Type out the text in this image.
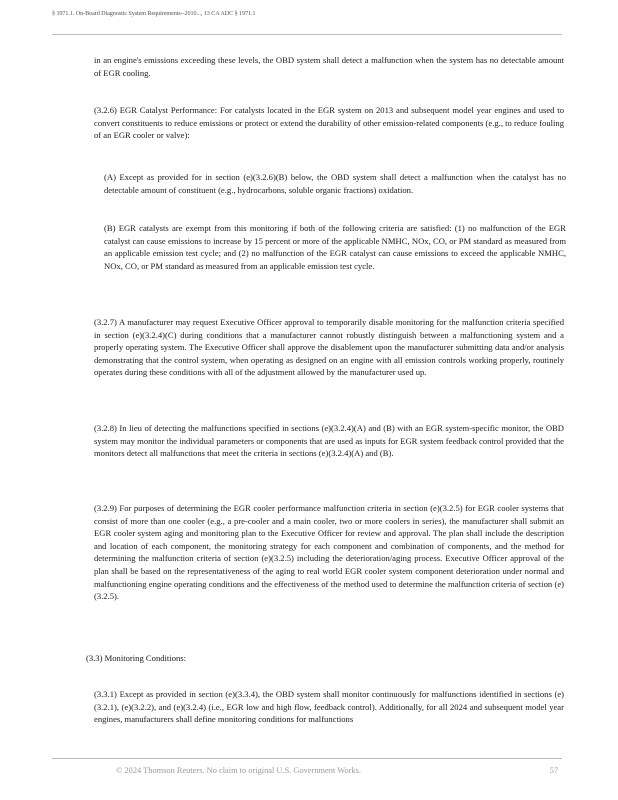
§ 1971.1. On-Board Diagnostic System Requirements--2010..., 13 CA ADC § 1971.1

in an engine's emissions exceeding these levels, the OBD system shall detect a malfunction when the system has no detectable amount of EGR cooling.

(3.2.6) EGR Catalyst Performance: For catalysts located in the EGR system on 2013 and subsequent model year engines and used to convert constituents to reduce emissions or protect or extend the durability of other emission-related components (e.g., to reduce fouling of an EGR cooler or valve):

(A) Except as provided for in section (e)(3.2.6)(B) below, the OBD system shall detect a malfunction when the catalyst has no detectable amount of constituent (e.g., hydrocarbons, soluble organic fractions) oxidation.

(B) EGR catalysts are exempt from this monitoring if both of the following criteria are satisfied: (1) no malfunction of the EGR catalyst can cause emissions to increase by 15 percent or more of the applicable NMHC, NOx, CO, or PM standard as measured from an applicable emission test cycle; and (2) no malfunction of the EGR catalyst can cause emissions to exceed the applicable NMHC, NOx, CO, or PM standard as measured from an applicable emission test cycle.

(3.2.7) A manufacturer may request Executive Officer approval to temporarily disable monitoring for the malfunction criteria specified in section (e)(3.2.4)(C) during conditions that a manufacturer cannot robustly distinguish between a malfunctioning system and a properly operating system. The Executive Officer shall approve the disablement upon the manufacturer submitting data and/or analysis demonstrating that the control system, when operating as designed on an engine with all emission controls working properly, routinely operates during these conditions with all of the adjustment allowed by the manufacturer used up.

(3.2.8) In lieu of detecting the malfunctions specified in sections (e)(3.2.4)(A) and (B) with an EGR system-specific monitor, the OBD system may monitor the individual parameters or components that are used as inputs for EGR system feedback control provided that the monitors detect all malfunctions that meet the criteria in sections (e)(3.2.4)(A) and (B).

(3.2.9) For purposes of determining the EGR cooler performance malfunction criteria in section (e)(3.2.5) for EGR cooler systems that consist of more than one cooler (e.g., a pre-cooler and a main cooler, two or more coolers in series), the manufacturer shall submit an EGR cooler system aging and monitoring plan to the Executive Officer for review and approval. The plan shall include the description and location of each component, the monitoring strategy for each component and combination of components, and the method for determining the malfunction criteria of section (e)(3.2.5) including the deterioration/aging process. Executive Officer approval of the plan shall be based on the representativeness of the aging to real world EGR cooler system component deterioration under normal and malfunctioning engine operating conditions and the effectiveness of the method used to determine the malfunction criteria of section (e)(3.2.5).

(3.3) Monitoring Conditions:

(3.3.1) Except as provided in section (e)(3.3.4), the OBD system shall monitor continuously for malfunctions identified in sections (e)(3.2.1), (e)(3.2.2), and (e)(3.2.4) (i.e., EGR low and high flow, feedback control). Additionally, for all 2024 and subsequent model year engines, manufacturers shall define monitoring conditions for malfunctions

© 2024 Thomson Reuters. No claim to original U.S. Government Works.	57
